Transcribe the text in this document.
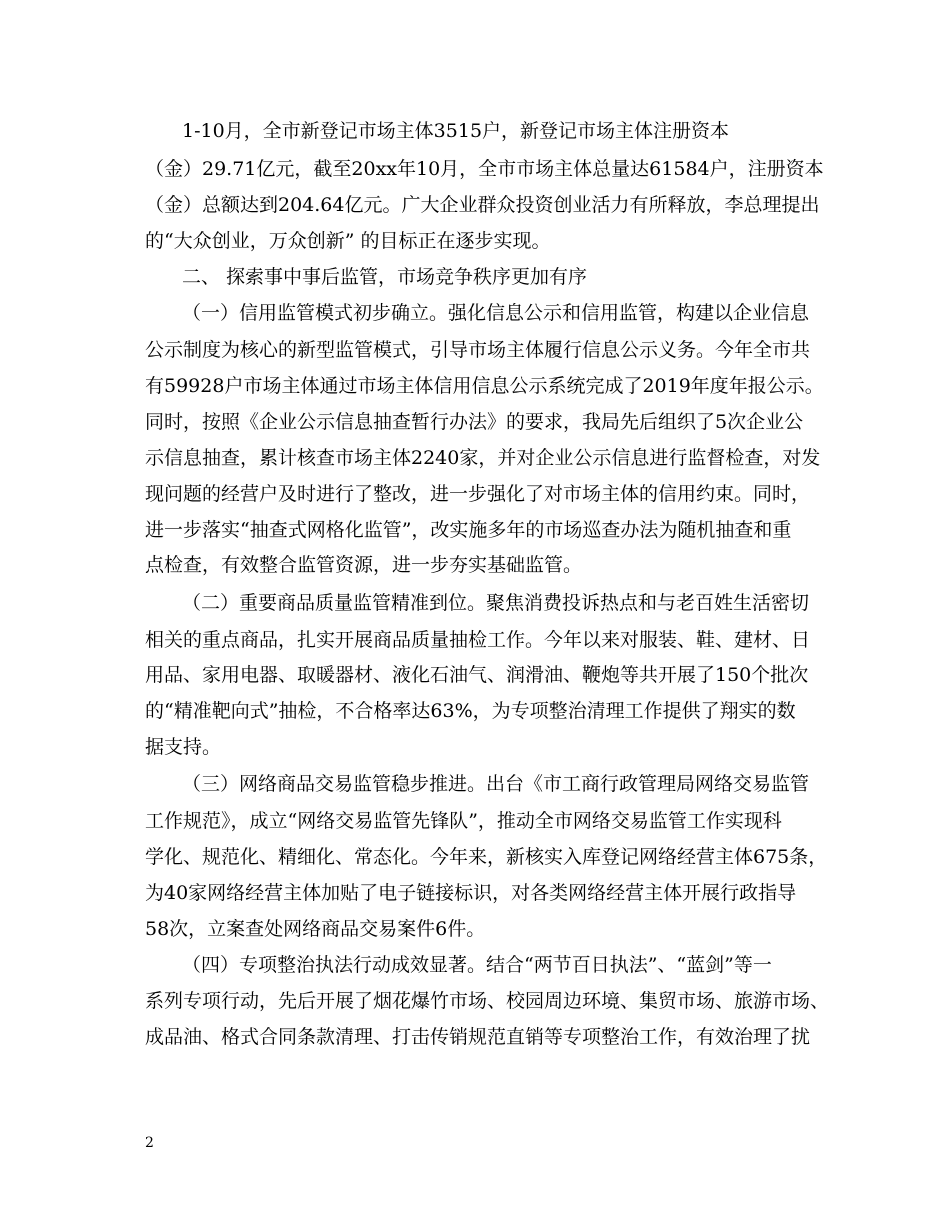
1-10月，全市新登记市场主体3515户，新登记市场主体注册资本
（金）29.71亿元，截至20xx年10月，全市市场主体总量达61584户，注册资本
（金）总额达到204.64亿元。广大企业群众投资创业活力有所释放，李总理提出
的“大众创业，万众创新” 的目标正在逐步实现。
二、 探索事中事后监管，市场竞争秩序更加有序
（一）信用监管模式初步确立。强化信息公示和信用监管，构建以企业信息
公示制度为核心的新型监管模式，引导市场主体履行信息公示义务。今年全市共
有59928户市场主体通过市场主体信用信息公示系统完成了2019年度年报公示。
同时，按照《企业公示信息抽查暂行办法》的要求，我局先后组织了5次企业公
示信息抽查，累计核查市场主体2240家，并对企业公示信息进行监督检查，对发
现问题的经营户及时进行了整改，进一步强化了对市场主体的信用约束。同时，
进一步落实“抽查式网格化监管”，改实施多年的市场巡查办法为随机抽查和重
点检查，有效整合监管资源，进一步夯实基础监管。
（二）重要商品质量监管精准到位。聚焦消费投诉热点和与老百姓生活密切
相关的重点商品，扎实开展商品质量抽检工作。今年以来对服装、鞋、建材、日
用品、家用电器、取暖器材、液化石油气、润滑油、鞭炮等共开展了150个批次
的“精准靶向式”抽检，不合格率达63%，为专项整治清理工作提供了翔实的数
据支持。
（三）网络商品交易监管稳步推进。出台《市工商行政管理局网络交易监管
工作规范》，成立“网络交易监管先锋队”，推动全市网络交易监管工作实现科
学化、规范化、精细化、常态化。今年来，新核实入库登记网络经营主体675条，
为40家网络经营主体加贴了电子链接标识，对各类网络经营主体开展行政指导
58次，立案查处网络商品交易案件6件。
（四）专项整治执法行动成效显著。结合“两节百日执法”、“蓝剑”等一
系列专项行动，先后开展了烟花爆竹市场、校园周边环境、集贸市场、旅游市场、
成品油、格式合同条款清理、打击传销规范直销等专项整治工作，有效治理了扰
2
